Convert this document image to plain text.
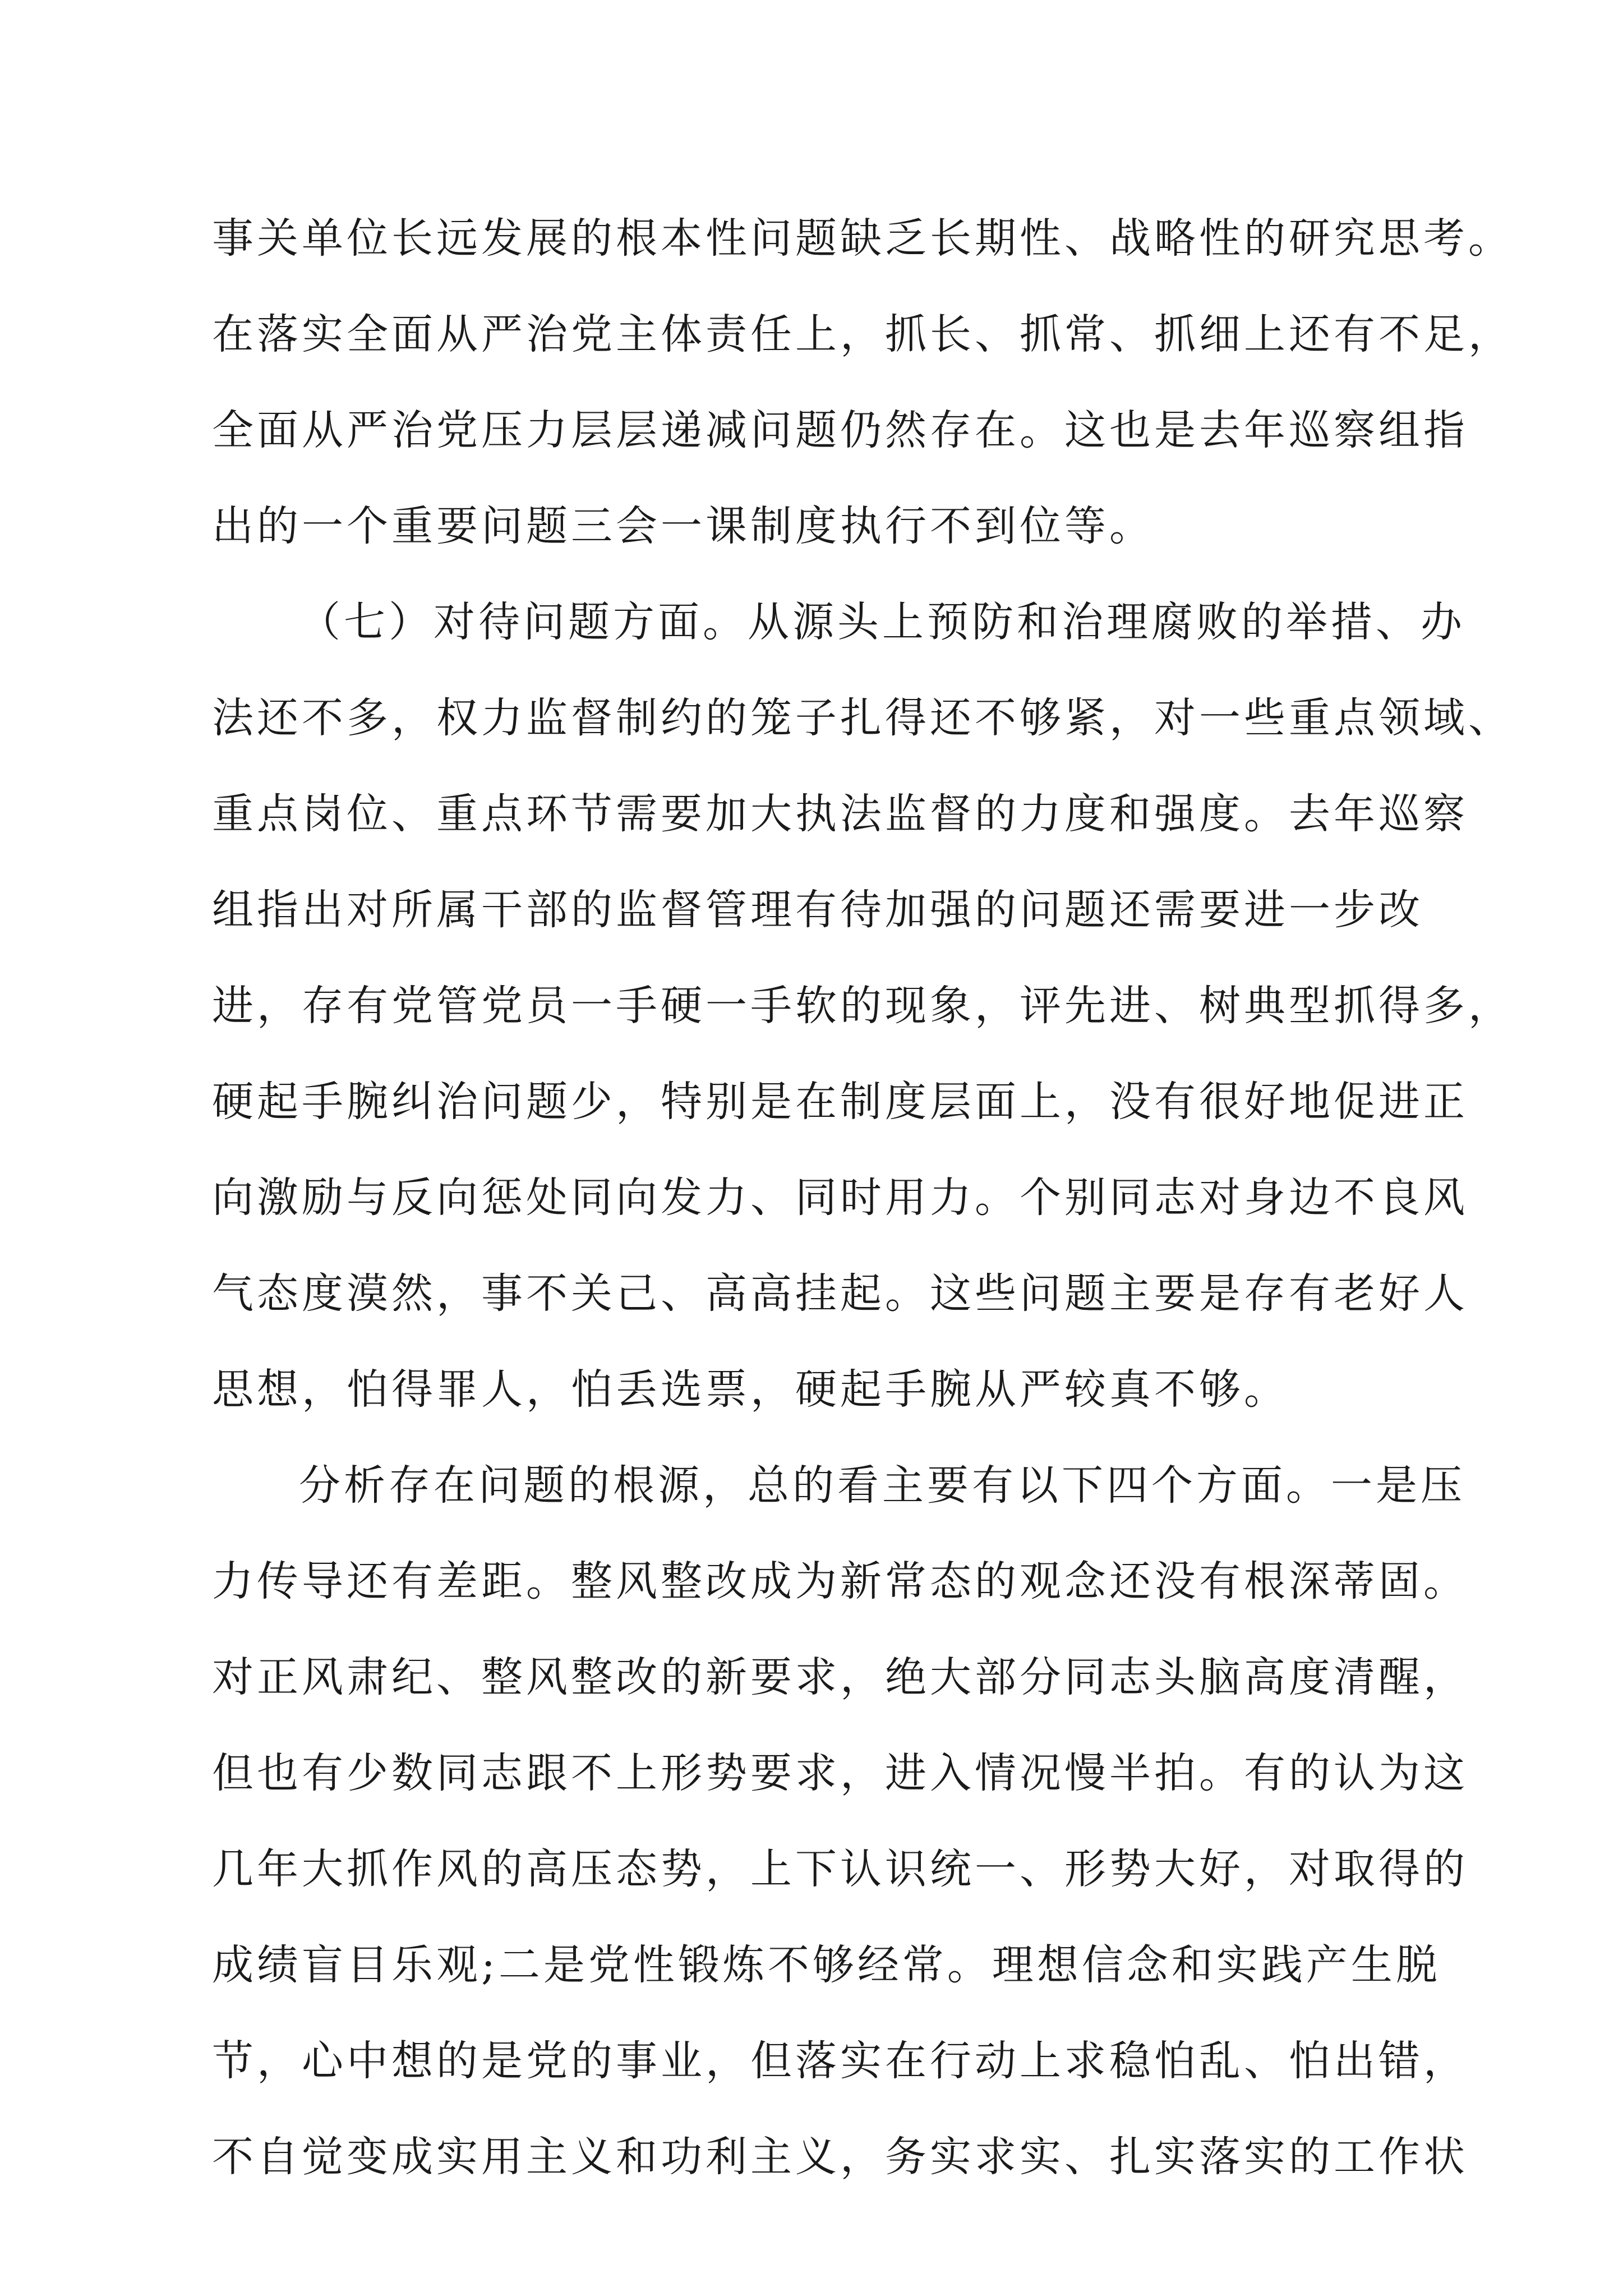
事关单位长远发展的根本性问题缺乏长期性、战略性的研究思考。
在落实全面从严治党主体责任上，抓长、抓常、抓细上还有不足，
全面从严治党压力层层递减问题仍然存在。这也是去年巡察组指
出的一个重要问题三会一课制度执行不到位等。
（七）对待问题方面。从源头上预防和治理腐败的举措、办
法还不多，权力监督制约的笼子扎得还不够紧，对一些重点领域、
重点岗位、重点环节需要加大执法监督的力度和强度。去年巡察
组指出对所属干部的监督管理有待加强的问题还需要进一步改
进，存有党管党员一手硬一手软的现象，评先进、树典型抓得多，
硬起手腕纠治问题少，特别是在制度层面上，没有很好地促进正
向激励与反向惩处同向发力、同时用力。个别同志对身边不良风
气态度漠然，事不关己、高高挂起。这些问题主要是存有老好人
思想，怕得罪人，怕丢选票，硬起手腕从严较真不够。
分析存在问题的根源，总的看主要有以下四个方面。一是压
力传导还有差距。整风整改成为新常态的观念还没有根深蒂固。
对正风肃纪、整风整改的新要求，绝大部分同志头脑高度清醒，
但也有少数同志跟不上形势要求，进入情况慢半拍。有的认为这
几年大抓作风的高压态势，上下认识统一、形势大好，对取得的
成绩盲目乐观;二是党性锻炼不够经常。理想信念和实践产生脱
节，心中想的是党的事业，但落实在行动上求稳怕乱、怕出错，
不自觉变成实用主义和功利主义，务实求实、扎实落实的工作状
